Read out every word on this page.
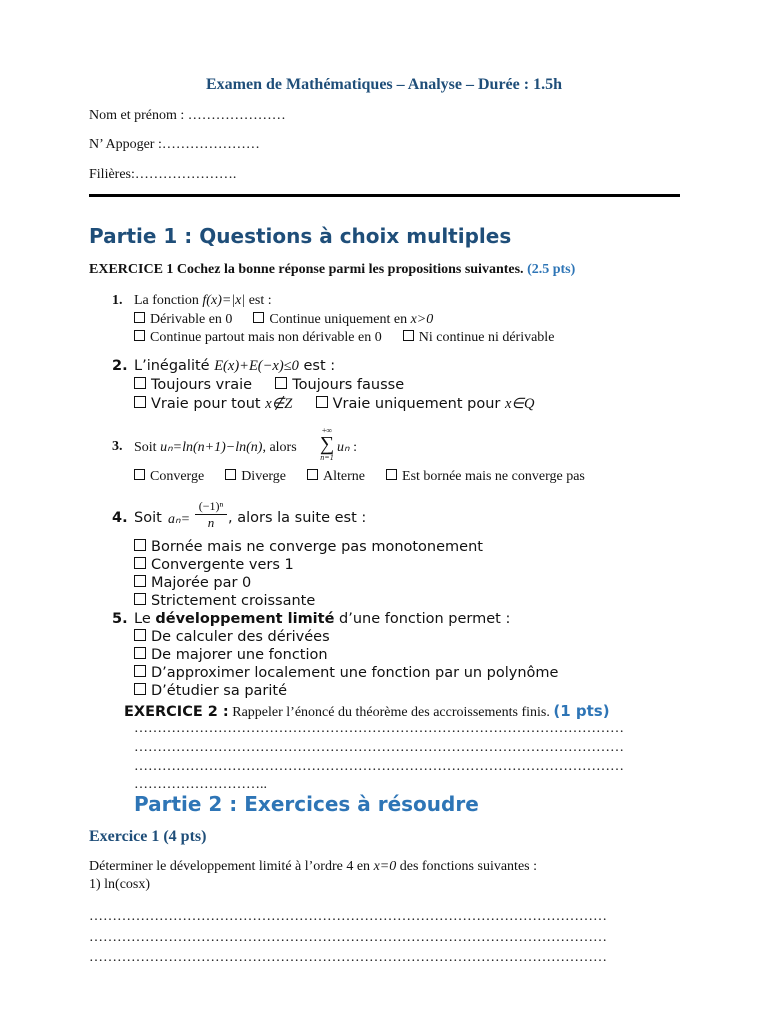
Examen de Mathématiques – Analyse – Durée : 1.5h
Nom et prénom : …………………
N’ Appoger :…………………
Filières:………………….
Partie 1 : Questions à choix multiples
EXERCICE 1 Cochez la bonne réponse parmi les propositions suivantes. (2.5 pts)
1. La fonction f(x)=|x| est :
Dérivable en 0	Continue uniquement en x>0
Continue partout mais non dérivable en 0	Ni continue ni dérivable
2. L’inégalité E(x)+E(−x)≤0 est :
Toujours vraie	Toujours fausse
Vraie pour tout x∉Z	Vraie uniquement pour x∈Q
3. Soit uₙ=ln(n+1)−ln(n), alors
+∞
∑
n=1
uₙ :
Converge	Diverge	Alterne	Est bornée mais ne converge pas
4. Soit aₙ=
(−1)ⁿ
n , alors la suite est :
Bornée mais ne converge pas monotonement
Convergente vers 1
Majorée par 0
Strictement croissante
5. Le développement limité d’une fonction permet :
De calculer des dérivées
De majorer une fonction
D’approximer localement une fonction par un polynôme
D’étudier sa parité
EXERCICE 2 : Rappeler l’énoncé du théorème des accroissements finis. (1 pts)
……………………………………………………………………………………………
……………………………………………………………………………………………
……………………………………………………………………………………………
………………………..
Partie 2 : Exercices à résoudre
Exercice 1 (4 pts)
Déterminer le développement limité à l’ordre 4 en x=0 des fonctions suivantes :
1) ln(cosx)
…………………………………………………………………………………………………
…………………………………………………………………………………………………
…………………………………………………………………………………………………
